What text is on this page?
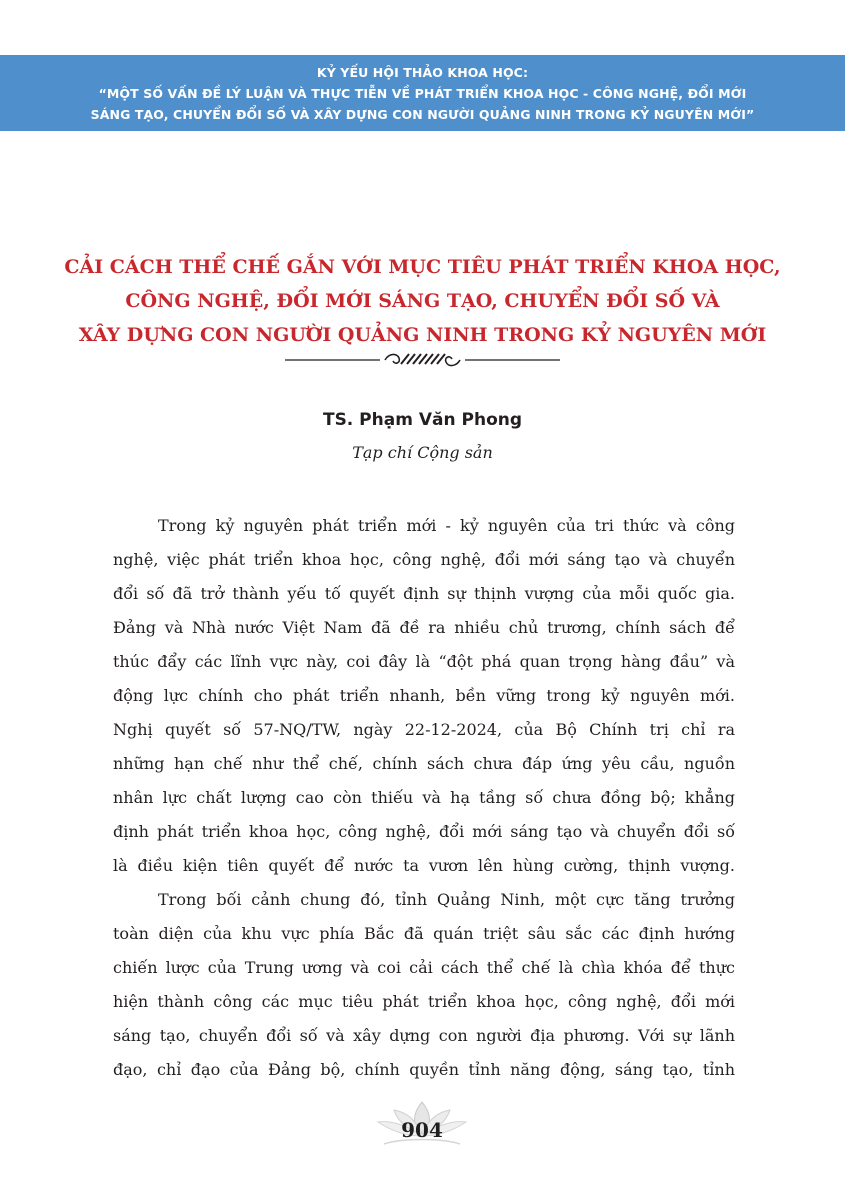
KỶ YẾU HỘI THẢO KHOA HỌC:
“MỘT SỐ VẤN ĐỀ LÝ LUẬN VÀ THỰC TIỄN VỀ PHÁT TRIỂN KHOA HỌC - CÔNG NGHỆ, ĐỔI MỚI
SÁNG TẠO, CHUYỂN ĐỔI SỐ VÀ XÂY DỰNG CON NGƯỜI QUẢNG NINH TRONG KỶ NGUYÊN MỚI”
CẢI CÁCH THỂ CHẾ GẮN VỚI MỤC TIÊU PHÁT TRIỂN KHOA HỌC,
CÔNG NGHỆ, ĐỔI MỚI SÁNG TẠO, CHUYỂN ĐỔI SỐ VÀ
XÂY DỰNG CON NGƯỜI QUẢNG NINH TRONG KỶ NGUYÊN MỚI
TS. Phạm Văn Phong
Tạp chí Cộng sản
Trong kỷ nguyên phát triển mới - kỷ nguyên của tri thức và công
nghệ, việc phát triển khoa học, công nghệ, đổi mới sáng tạo và chuyển
đổi số đã trở thành yếu tố quyết định sự thịnh vượng của mỗi quốc gia.
Đảng và Nhà nước Việt Nam đã đề ra nhiều chủ trương, chính sách để
thúc đẩy các lĩnh vực này, coi đây là “đột phá quan trọng hàng đầu” và
động lực chính cho phát triển nhanh, bền vững trong kỷ nguyên mới.
Nghị quyết số 57-NQ/TW, ngày 22-12-2024, của Bộ Chính trị chỉ ra
những hạn chế như thể chế, chính sách chưa đáp ứng yêu cầu, nguồn
nhân lực chất lượng cao còn thiếu và hạ tầng số chưa đồng bộ; khẳng
định phát triển khoa học, công nghệ, đổi mới sáng tạo và chuyển đổi số
là điều kiện tiên quyết để nước ta vươn lên hùng cường, thịnh vượng.
Trong bối cảnh chung đó, tỉnh Quảng Ninh, một cực tăng trưởng
toàn diện của khu vực phía Bắc đã quán triệt sâu sắc các định hướng
chiến lược của Trung ương và coi cải cách thể chế là chìa khóa để thực
hiện thành công các mục tiêu phát triển khoa học, công nghệ, đổi mới
sáng tạo, chuyển đổi số và xây dựng con người địa phương. Với sự lãnh
đạo, chỉ đạo của Đảng bộ, chính quyền tỉnh năng động, sáng tạo, tỉnh
904
